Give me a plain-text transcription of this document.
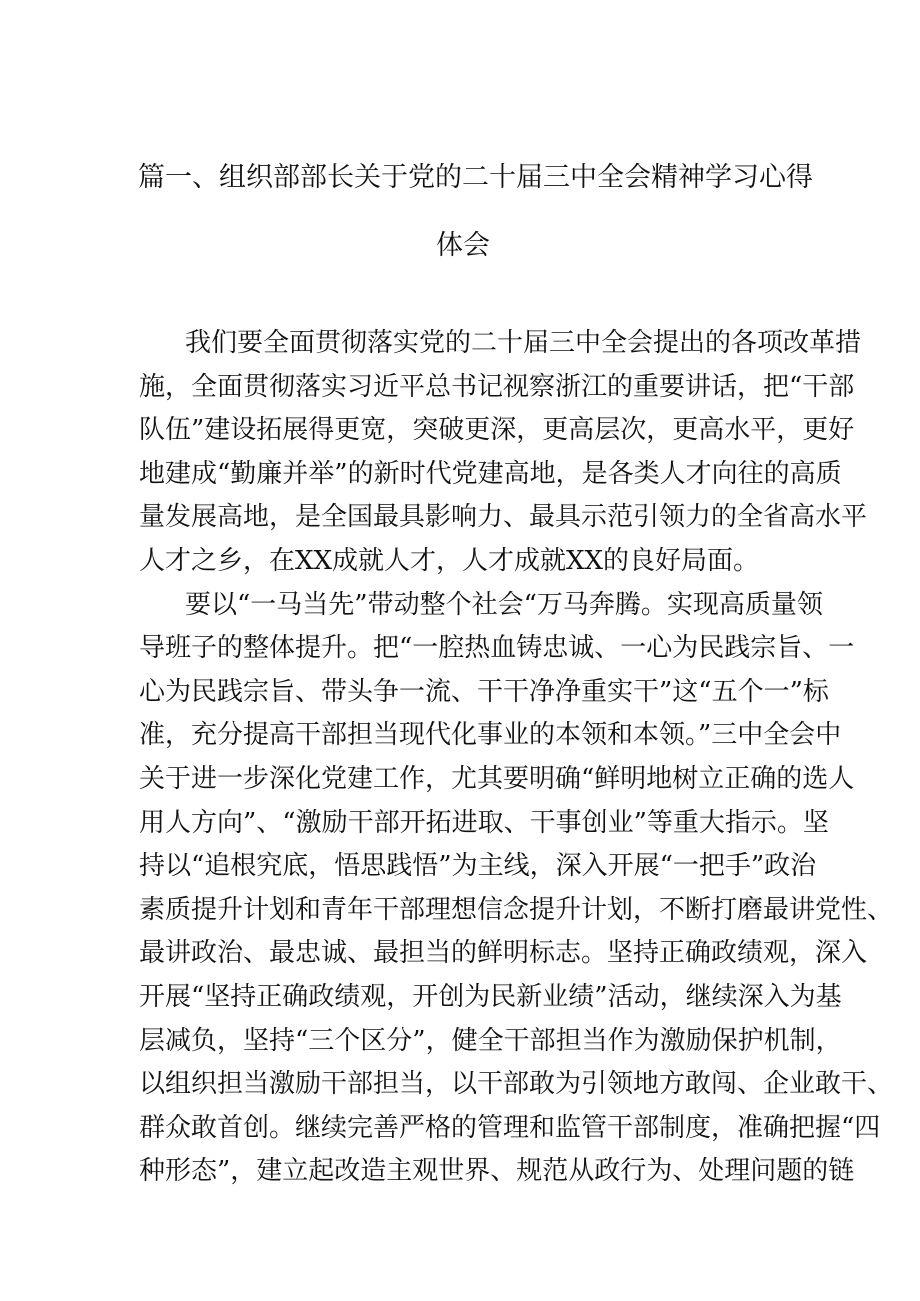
篇一、组织部部长关于党的二十届三中全会精神学习心得
体会
我们要全面贯彻落实党的二十届三中全会提出的各项改革措
施，全面贯彻落实习近平总书记视察浙江的重要讲话，把“干部
队伍”建设拓展得更宽，突破更深，更高层次，更高水平，更好
地建成“勤廉并举”的新时代党建高地，是各类人才向往的高质
量发展高地，是全国最具影响力、最具示范引领力的全省高水平
人才之乡，在XX成就人才，人才成就XX的良好局面。
要以“一马当先”带动整个社会“万马奔腾。实现高质量领
导班子的整体提升。把“一腔热血铸忠诚、一心为民践宗旨、一
心为民践宗旨、带头争一流、干干净净重实干”这“五个一”标
准，充分提高干部担当现代化事业的本领和本领。”三中全会中
关于进一步深化党建工作，尤其要明确“鲜明地树立正确的选人
用人方向”、“激励干部开拓进取、干事创业”等重大指示。坚
持以“追根究底，悟思践悟”为主线，深入开展“一把手”政治
素质提升计划和青年干部理想信念提升计划，不断打磨最讲党性、
最讲政治、最忠诚、最担当的鲜明标志。坚持正确政绩观，深入
开展“坚持正确政绩观，开创为民新业绩”活动，继续深入为基
层减负，坚持“三个区分”，健全干部担当作为激励保护机制，
以组织担当激励干部担当，以干部敢为引领地方敢闯、企业敢干、
群众敢首创。继续完善严格的管理和监管干部制度，准确把握“四
种形态”，建立起改造主观世界、规范从政行为、处理问题的链
